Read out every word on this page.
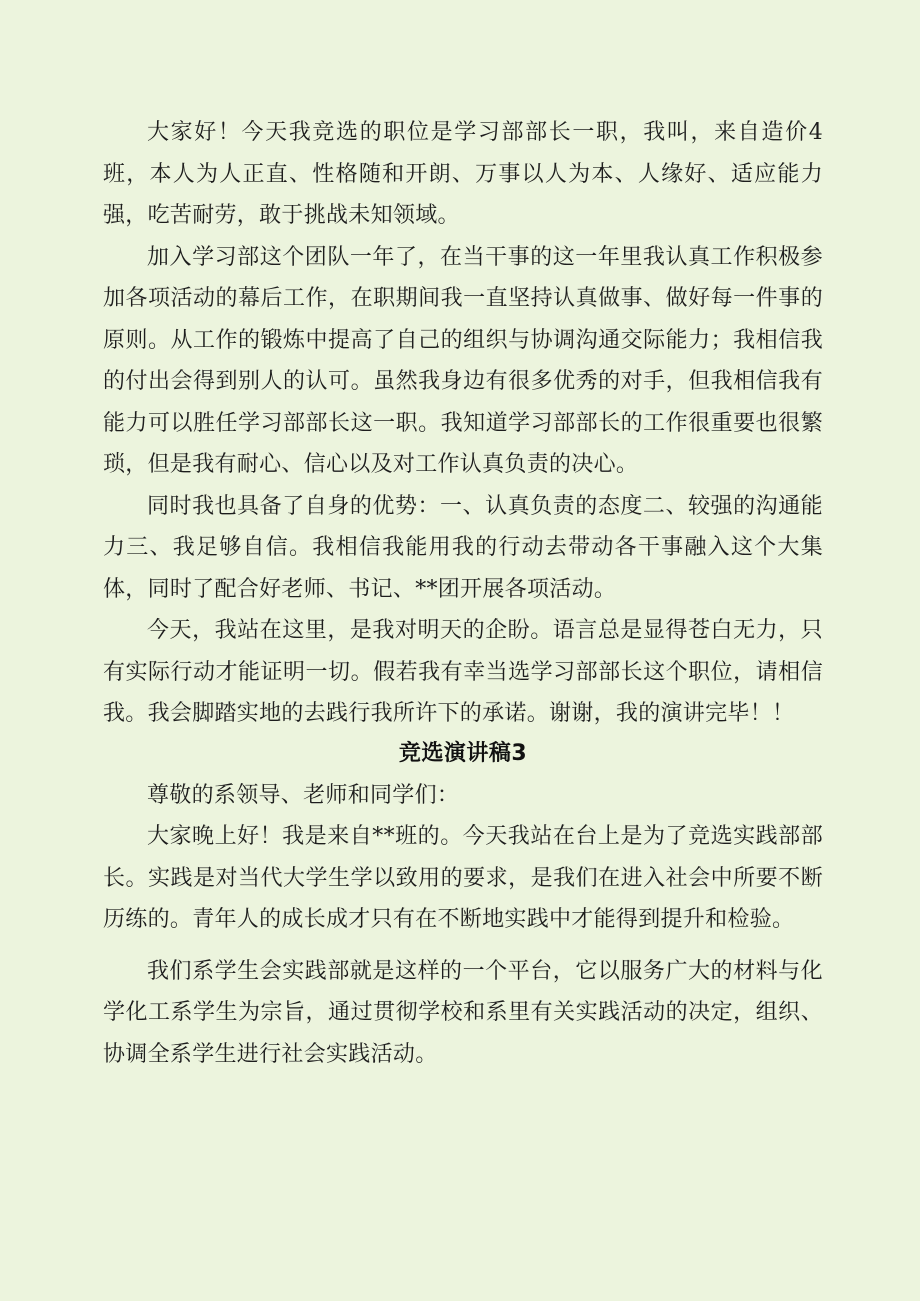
大家好！今天我竞选的职位是学习部部长一职，我叫，来自造价4班，本人为人正直、性格随和开朗、万事以人为本、人缘好、适应能力强，吃苦耐劳，敢于挑战未知领域。

加入学习部这个团队一年了，在当干事的这一年里我认真工作积极参加各项活动的幕后工作，在职期间我一直坚持认真做事、做好每一件事的原则。从工作的锻炼中提高了自己的组织与协调沟通交际能力；我相信我的付出会得到别人的认可。虽然我身边有很多优秀的对手，但我相信我有能力可以胜任学习部部长这一职。我知道学习部部长的工作很重要也很繁琐，但是我有耐心、信心以及对工作认真负责的决心。

同时我也具备了自身的优势：一、认真负责的态度二、较强的沟通能力三、我足够自信。我相信我能用我的行动去带动各干事融入这个大集体，同时了配合好老师、书记、**团开展各项活动。

今天，我站在这里，是我对明天的企盼。语言总是显得苍白无力，只有实际行动才能证明一切。假若我有幸当选学习部部长这个职位，请相信我。我会脚踏实地的去践行我所许下的承诺。谢谢，我的演讲完毕！！

竞选演讲稿3

尊敬的系领导、老师和同学们：

大家晚上好！我是来自**班的。今天我站在台上是为了竞选实践部部长。实践是对当代大学生学以致用的要求，是我们在进入社会中所要不断历练的。青年人的成长成才只有在不断地实践中才能得到提升和检验。

我们系学生会实践部就是这样的一个平台，它以服务广大的材料与化学化工系学生为宗旨，通过贯彻学校和系里有关实践活动的决定，组织、协调全系学生进行社会实践活动。
